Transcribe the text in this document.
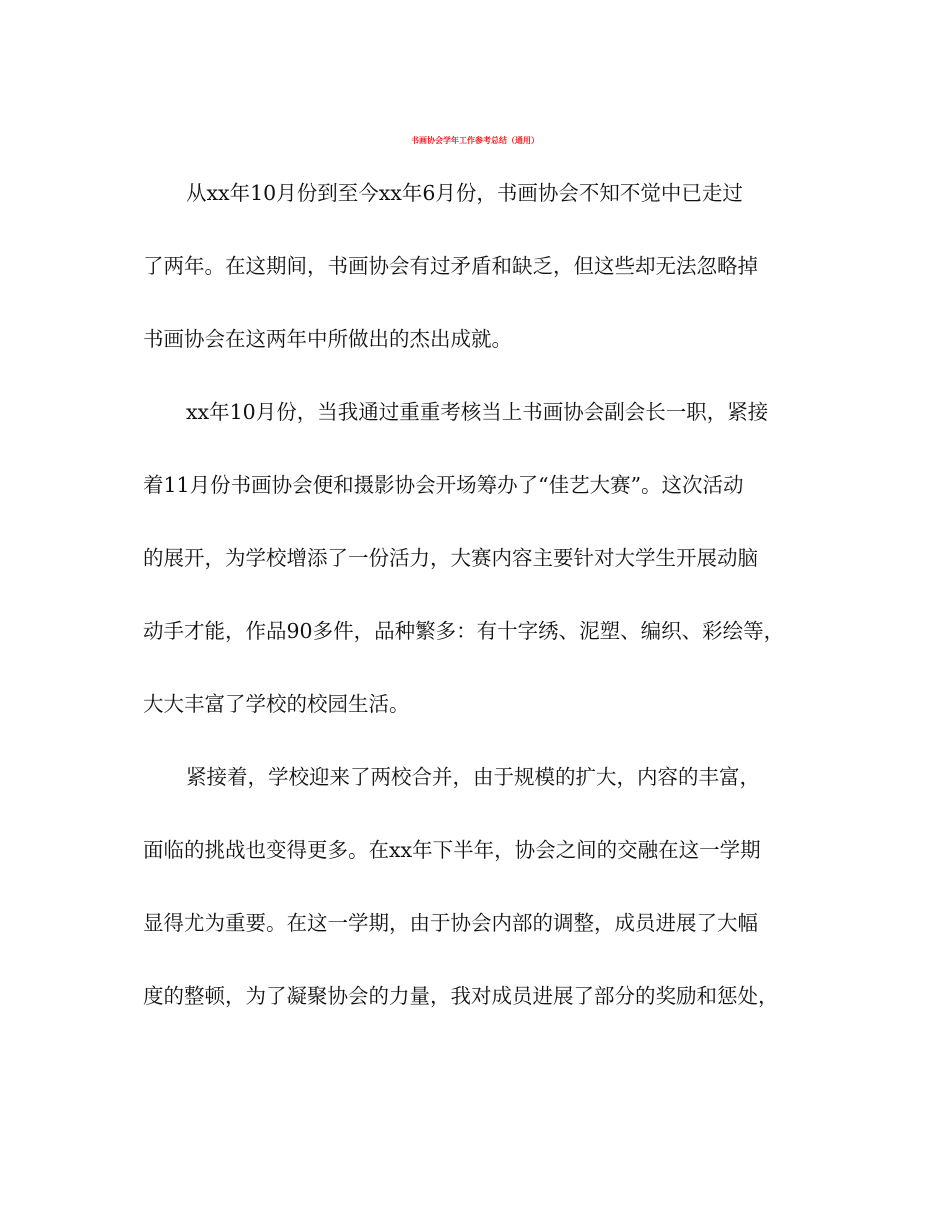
书画协会学年工作参考总结（通用）
从xx年10月份到至今xx年6月份，书画协会不知不觉中已走过
了两年。在这期间，书画协会有过矛盾和缺乏，但这些却无法忽略掉
书画协会在这两年中所做出的杰出成就。
xx年10月份，当我通过重重考核当上书画协会副会长一职，紧接
着11月份书画协会便和摄影协会开场筹办了“佳艺大赛”。这次活动
的展开，为学校增添了一份活力，大赛内容主要针对大学生开展动脑
动手才能，作品90多件，品种繁多：有十字绣、泥塑、编织、彩绘等，
大大丰富了学校的校园生活。
紧接着，学校迎来了两校合并，由于规模的扩大，内容的丰富，
面临的挑战也变得更多。在xx年下半年，协会之间的交融在这一学期
显得尤为重要。在这一学期，由于协会内部的调整，成员进展了大幅
度的整顿，为了凝聚协会的力量，我对成员进展了部分的奖励和惩处，
